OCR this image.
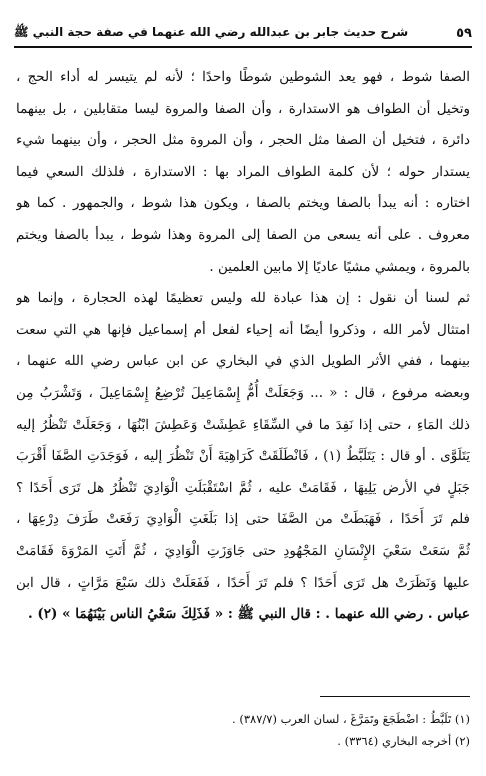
شرح حديث جابر بن عبدالله رضي الله عنهما في صفة حجة النبي ﷺ	٥٩
الصفا شوط ، فهو يعد الشوطين شوطًا واحدًا ؛ لأنه لم يتيسر له أداء الحج ،
وتخيل أن الطواف هو الاستدارة ، وأن الصفا والمروة ليسا متقابلين ، بل بينهما
دائرة ، فتخيل أن الصفا مثل الحجر ، وأن المروة مثل الحجر ، وأن بينهما شيء
يستدار حوله ؛ لأن كلمة الطواف المراد بها : الاستدارة ، فلذلك السعي فيما
اختاره : أنه يبدأ بالصفا ويختم بالصفا ، ويكون هذا شوط ، والجمهور . كما هو
معروف . على أنه يسعى من الصفا إلى المروة وهذا شوط ، يبدأ بالصفا ويختم
بالمروة ، ويمشي مشيًا عاديًا إلا مابين العلمين .
ثم لسنا أن نقول : إن هذا عبادة لله وليس تعظيمًا لهذه الحجارة ، وإنما هو
امتثال لأمر الله ، وذكروا أيضًا أنه إحياء لفعل أم إسماعيل فإنها هي التي سعت
بينهما ، ففي الأثر الطويل الذي في البخاري عن ابن عباس رضي الله عنهما ،
وبعضه مرفوع ، قال : « ... وَجَعَلَتْ أُمُّ إِسْمَاعِيلَ تُرْضِعُ إِسْمَاعِيلَ ، وَتَشْرَبُ مِن
ذلك المَاءِ ، حتى إذا نَفِدَ ما في السِّقَاءِ عَطِشَتْ وَعَطِشَ ابْنُهَا ، وَجَعَلَتْ تَنْظُرُ إليه
يَتَلَوَّى . أو قال : يَتَلَبَّطُ (١) ، فَانْطَلَقَتْ كَرَاهِيَةَ أَنْ تَنْظُرَ إليه ، فَوَجَدَتِ الصَّفَا أَقْرَبَ
جَبَلٍ في الأرض يَلِيهَا ، فَقَامَتْ عليه ، ثُمَّ اسْتَقْبَلَتِ الْوَادِيَ تَنْظُرُ هل تَرَى أَحَدًا ؟
فلم تَرَ أَحَدًا ، فَهَبَطَتْ من الصَّفَا حتى إذا بَلَغَتِ الْوَادِيَ رَفَعَتْ طَرَفَ دِرْعِهَا ،
ثُمَّ سَعَتْ سَعْيَ الإِنْسَانِ المَجْهُودِ حتى جَاوَزَتِ الْوَادِيَ ، ثُمَّ أَتَتِ المَرْوَةَ فَقَامَتْ
عليها وَنَظَرَتْ هل تَرَى أَحَدًا ؟ فلم تَرَ أَحَدًا ، فَفَعَلَتْ ذلك سَبْعَ مَرَّاتٍ ، قال ابن
عباس . رضي الله عنهما . : قال النبي ﷺ : « فَذَلِكَ سَعْيُ الناس بَيْنَهُمَا » (٢) .
(١) تَلَبَّطُ : اضْطَجَعَ وتَمَرَّغَ ، لسان العرب (٣٨٧/٧) .
(٢) أخرجه البخاري (٣٣٦٤) .
